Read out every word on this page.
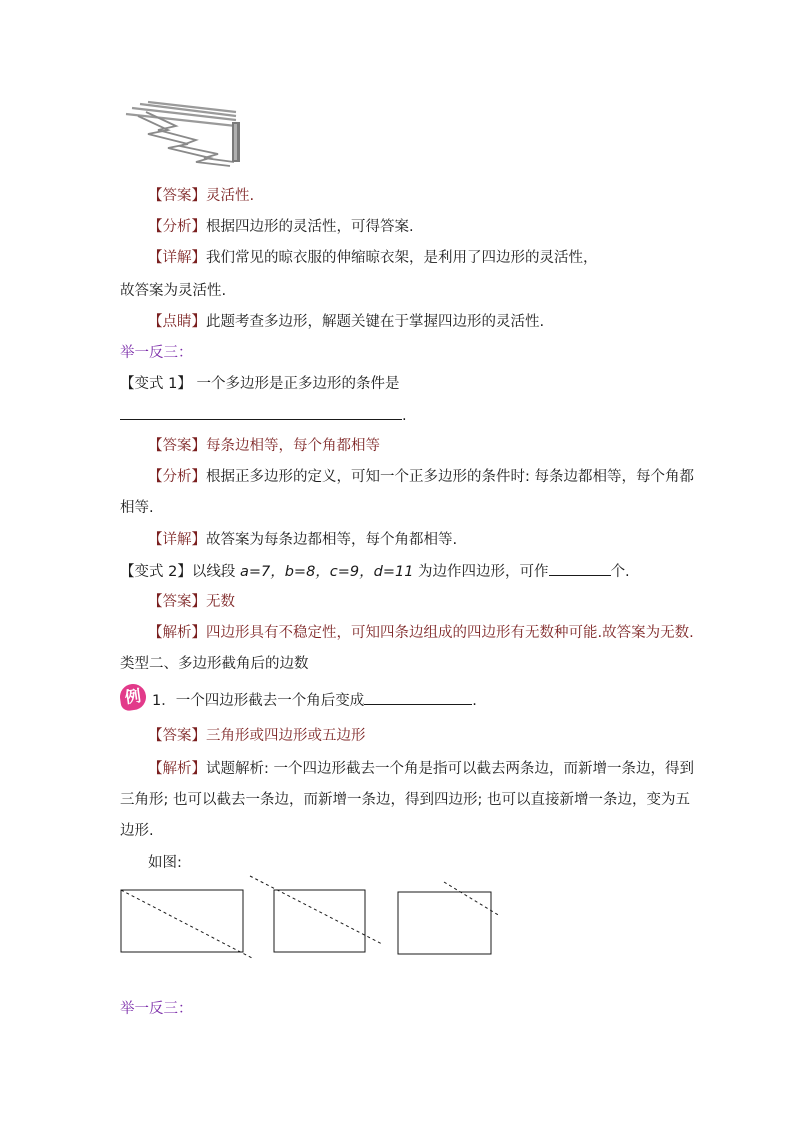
【答案】灵活性.
【分析】根据四边形的灵活性，可得答案.
【详解】我们常见的晾衣服的伸缩晾衣架，是利用了四边形的灵活性，
故答案为灵活性.
【点睛】此题考查多边形，解题关键在于掌握四边形的灵活性.
举一反三：
【变式 1】 一个多边形是正多边形的条件是
.
【答案】每条边相等，每个角都相等
【分析】根据正多边形的定义，可知一个正多边形的条件时: 每条边都相等，每个角都
相等.
【详解】故答案为每条边都相等，每个角都相等.
【变式 2】以线段 a=7，b=8，c=9，d=11 为边作四边形，可作	个.
【答案】无数
【解析】四边形具有不稳定性，可知四条边组成的四边形有无数种可能.故答案为无数.
类型二、多边形截角后的边数
例 1．一个四边形截去一个角后变成	.
【答案】三角形或四边形或五边形
【解析】试题解析: 一个四边形截去一个角是指可以截去两条边，而新增一条边，得到
三角形; 也可以截去一条边，而新增一条边，得到四边形; 也可以直接新增一条边，变为五
边形.
如图:
举一反三：
